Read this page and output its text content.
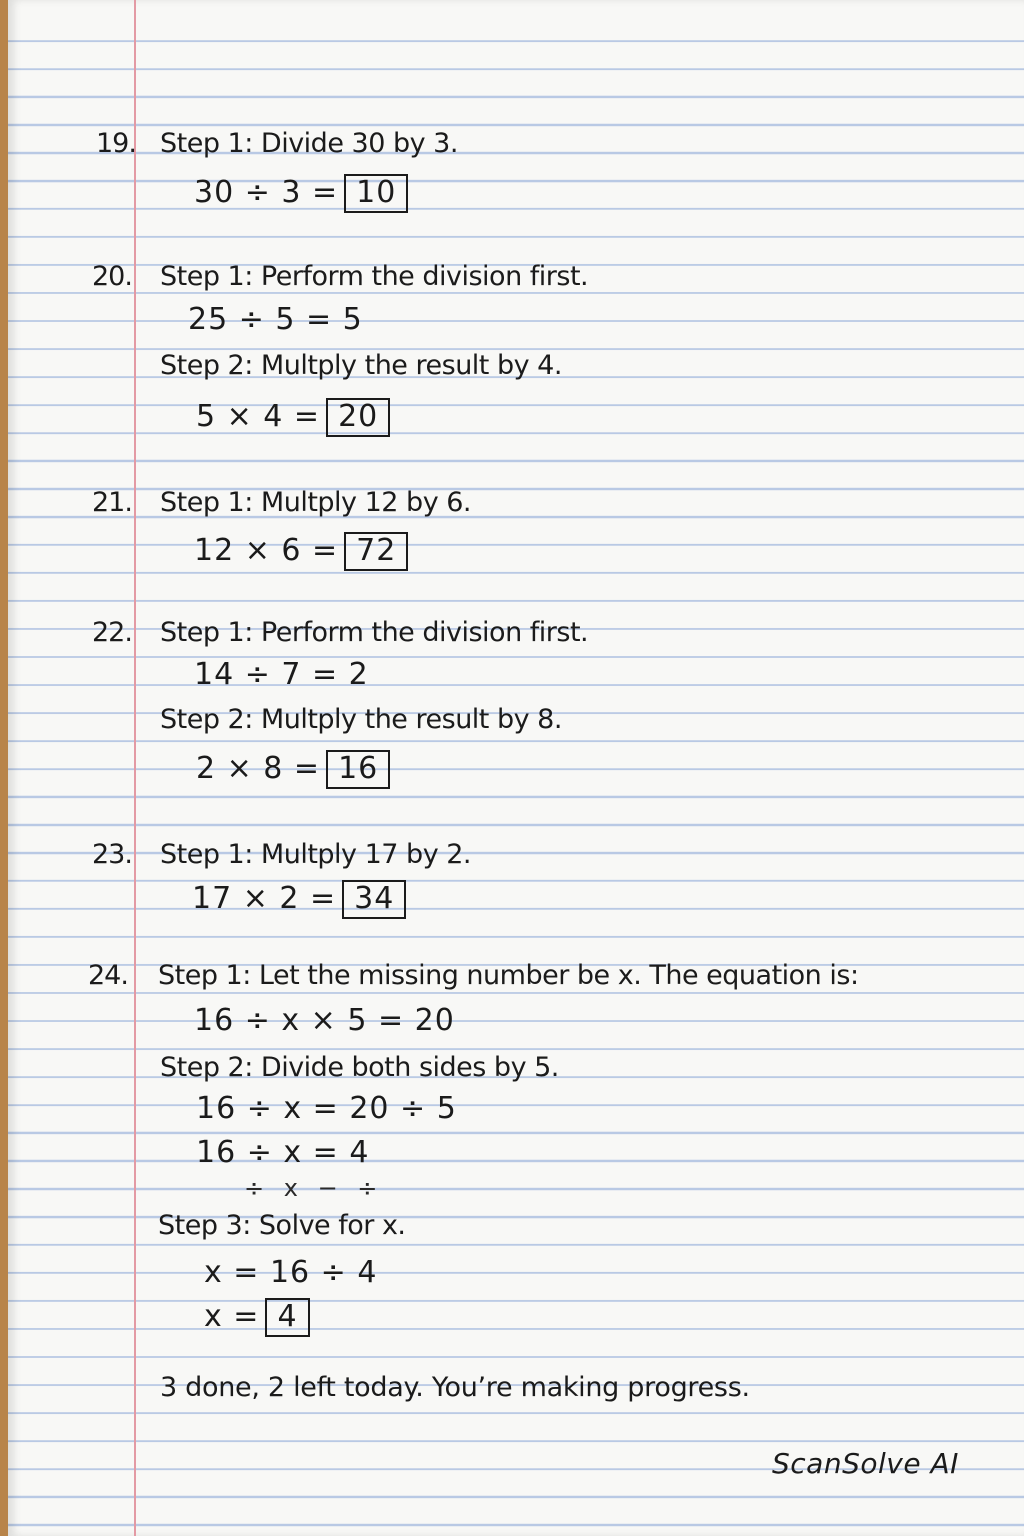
19. Step 1: Divide 30 by 3.
30 ÷ 3 = 10
20. Step 1: Perform the division first.
25 ÷ 5 = 5
Step 2: Multply the result by 4.
5 × 4 = 20
21. Step 1: Multply 12 by 6.
12 × 6 = 72
22. Step 1: Perform the division first.
14 ÷ 7 = 2
Step 2: Multply the result by 8.
2 × 8 = 16
23. Step 1: Multply 17 by 2.
17 × 2 = 34
24. Step 1: Let the missing number be x. The equation is:
16 ÷ x × 5 = 20
Step 2: Divide both sides by 5.
16 ÷ x = 20 ÷ 5
16 ÷ x = 4
÷ x − ÷
Step 3: Solve for x.
x = 16 ÷ 4
x = 4
3 done, 2 left today. You’re making progress.
ScanSolve AI
